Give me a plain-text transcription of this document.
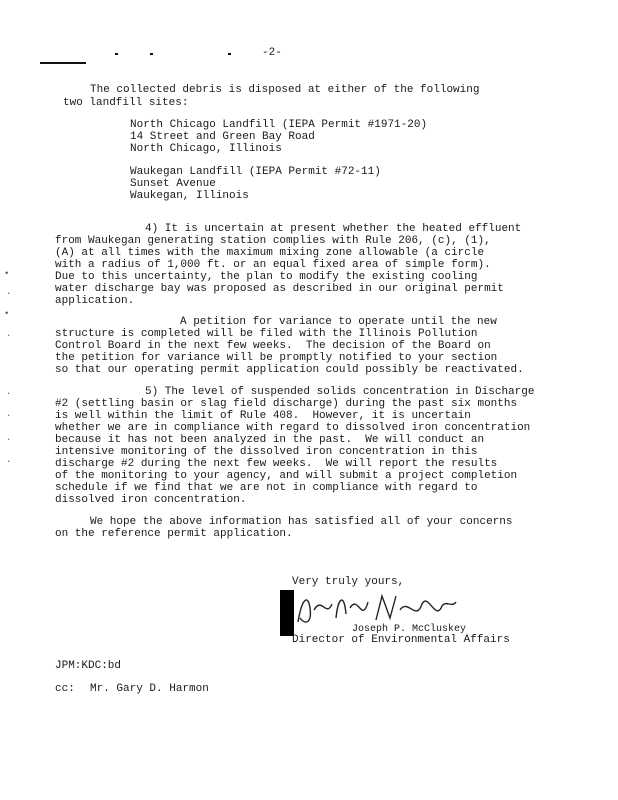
-2-
The collected debris is disposed at either of the following
two landfill sites:
North Chicago Landfill (IEPA Permit #1971-20)
14 Street and Green Bay Road
North Chicago, Illinois
Waukegan Landfill (IEPA Permit #72-11)
Sunset Avenue
Waukegan, Illinois
4) It is uncertain at present whether the heated effluent
from Waukegan generating station complies with Rule 206, (c), (1),
(A) at all times with the maximum mixing zone allowable (a circle
with a radius of 1,000 ft. or an equal fixed area of simple form).
Due to this uncertainty, the plan to modify the existing cooling
water discharge bay was proposed as described in our original permit
application.
A petition for variance to operate until the new
structure is completed will be filed with the Illinois Pollution
Control Board in the next few weeks.  The decision of the Board on
the petition for variance will be promptly notified to your section
so that our operating permit application could possibly be reactivated.
5) The level of suspended solids concentration in Discharge
#2 (settling basin or slag field discharge) during the past six months
is well within the limit of Rule 408.  However, it is uncertain
whether we are in compliance with regard to dissolved iron concentration
because it has not been analyzed in the past.  We will conduct an
intensive monitoring of the dissolved iron concentration in this
discharge #2 during the next few weeks.  We will report the results
of the monitoring to your agency, and will submit a project completion
schedule if we find that we are not in compliance with regard to
dissolved iron concentration.
We hope the above information has satisfied all of your concerns
on the reference permit application.
Very truly yours,
Joseph P. McCluskey
Director of Environmental Affairs
JPM:KDC:bd
cc: Mr. Gary D. Harmon
•
·
•
·
·
·
·
·
